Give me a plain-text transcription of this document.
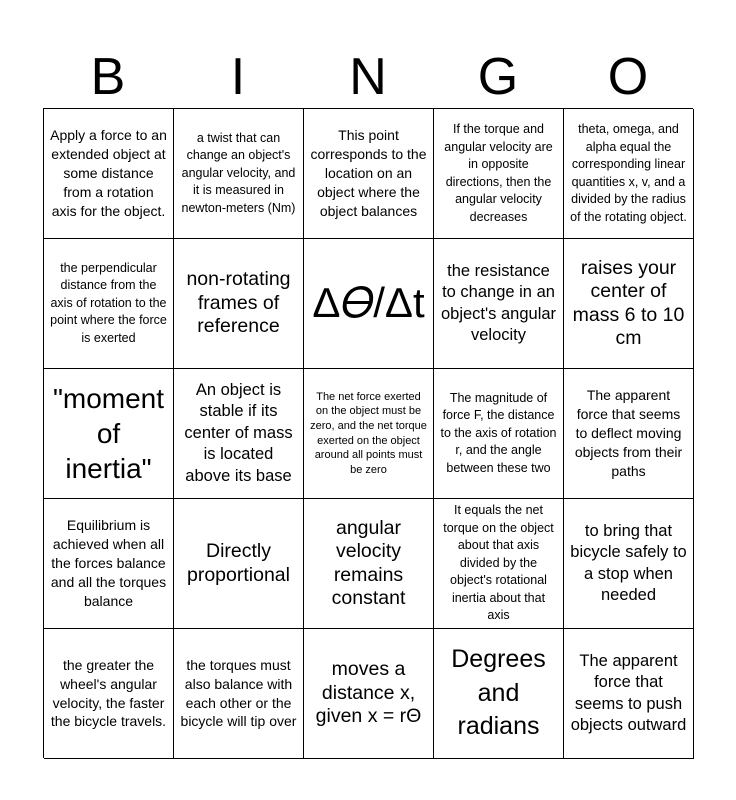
B	I	N	G	O
Apply a force to an extended object at some distance from a rotation axis for the object.
a twist that can change an object's angular velocity, and it is measured in newton-meters (Nm)
This point corresponds to the location on an object where the object balances
If the torque and angular velocity are in opposite directions, then the angular velocity decreases
theta, omega, and alpha equal the corresponding linear quantities x, v, and a divided by the radius of the rotating object.
the perpendicular distance from the axis of rotation to the point where the force is exerted
non-rotating frames of reference Δ𝛳/Δt
the resistance to change in an object's angular velocity
raises your center of mass 6 to 10 cm
"moment of inertia"
An object is stable if its center of mass is located above its base
The net force exerted on the object must be zero, and the net torque exerted on the object around all points must be zero
The magnitude of force F, the distance to the axis of rotation r, and the angle between these two
The apparent force that seems to deflect moving objects from their paths
Equilibrium is achieved when all the forces balance and all the torques balance
Directly proportional
angular velocity remains constant
It equals the net torque on the object about that axis divided by the object's rotational inertia about that axis
to bring that bicycle safely to a stop when needed
the greater the wheel's angular velocity, the faster the bicycle travels.
the torques must also balance with each other or the bicycle will tip over
moves a distance x, given x = rΘ
Degrees and radians
The apparent force that seems to push objects outward
